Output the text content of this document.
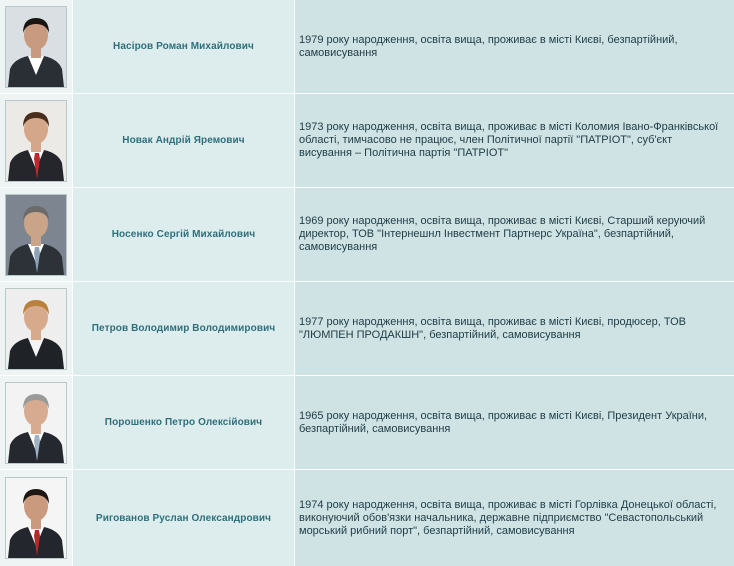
Насіров Роман Михайлович
1979 року народження, освіта вища, проживає в місті Києві, безпартійний, самовисування
Новак Андрій Яремович
1973 року народження, освіта вища, проживає в місті Коломия Івано-Франківської області, тимчасово не працює, член Політичної партії "ПАТРІОТ", суб'єкт висування – Політична партія "ПАТРІОТ"
Носенко Сергій Михайлович
1969 року народження, освіта вища, проживає в місті Києві, Старший керуючий директор, ТОВ "Інтернешнл Інвестмент Партнерс Україна", безпартійний, самовисування
Петров Володимир Володимирович
1977 року народження, освіта вища, проживає в місті Києві, продюсер, ТОВ "ЛЮМПЕН ПРОДАКШН", безпартійний, самовисування
Порошенко Петро Олексійович
1965 року народження, освіта вища, проживає в місті Києві, Президент України, безпартійний, самовисування
Ригованов Руслан Олександрович
1974 року народження, освіта вища, проживає в місті Горлівка Донецької області, виконуючий обов'язки начальника, державне підприємство "Севастопольський морський рибний порт", безпартійний, самовисування
